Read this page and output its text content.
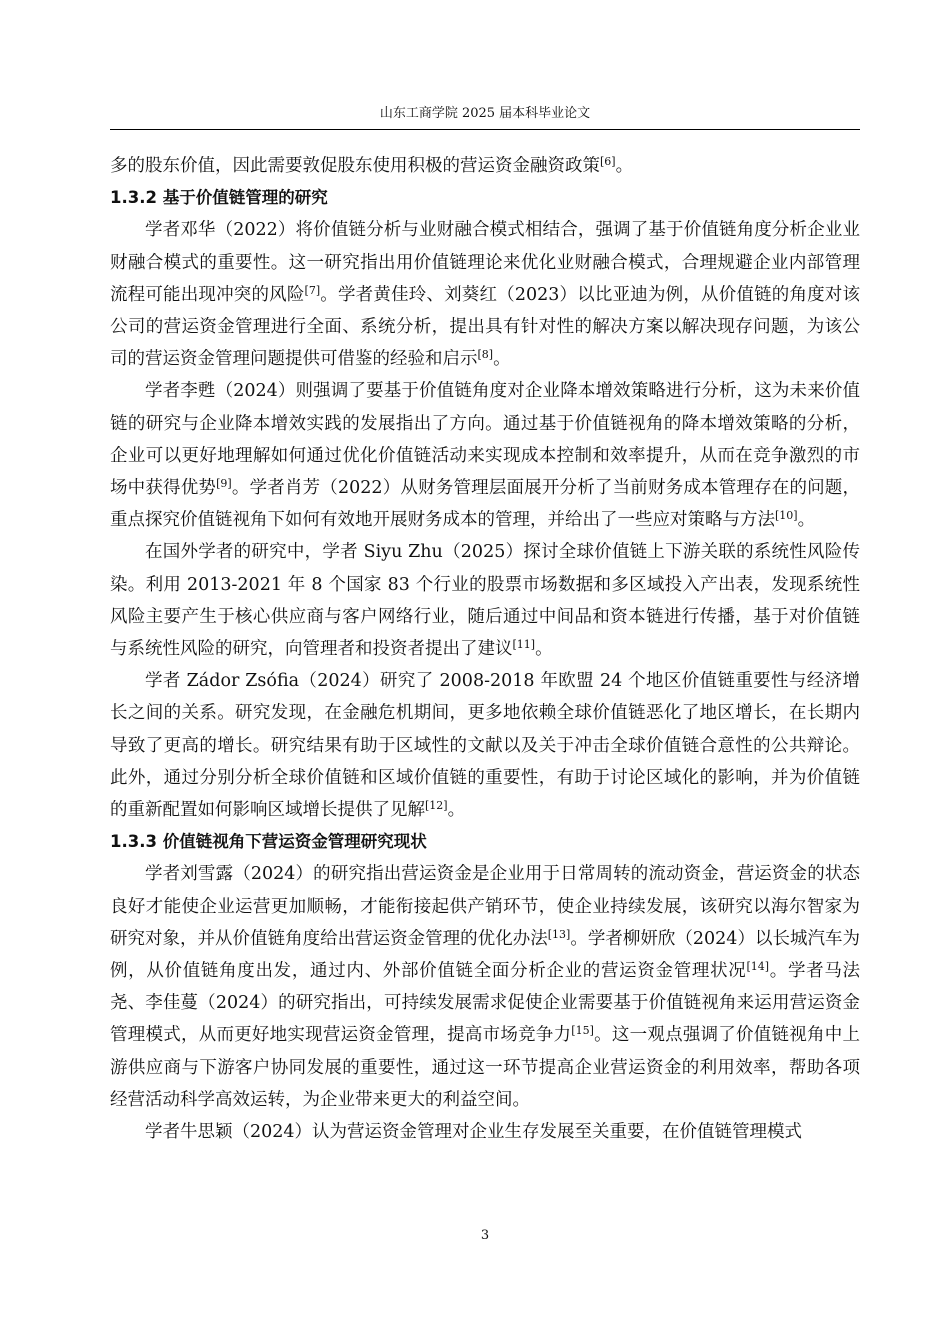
山东工商学院 2025 届本科毕业论文

多的股东价值，因此需要敦促股东使用积极的营运资金融资政策[6]。

1.3.2 基于价值链管理的研究

学者邓华（2022）将价值链分析与业财融合模式相结合，强调了基于价值链角度分析企业业财融合模式的重要性。这一研究指出用价值链理论来优化业财融合模式，合理规避企业内部管理流程可能出现冲突的风险[7]。学者黄佳玲、刘葵红（2023）以比亚迪为例，从价值链的角度对该公司的营运资金管理进行全面、系统分析，提出具有针对性的解决方案以解决现存问题，为该公司的营运资金管理问题提供可借鉴的经验和启示[8]。

学者李甦（2024）则强调了要基于价值链角度对企业降本增效策略进行分析，这为未来价值链的研究与企业降本增效实践的发展指出了方向。通过基于价值链视角的降本增效策略的分析，企业可以更好地理解如何通过优化价值链活动来实现成本控制和效率提升，从而在竞争激烈的市场中获得优势[9]。学者肖芳（2022）从财务管理层面展开分析了当前财务成本管理存在的问题，重点探究价值链视角下如何有效地开展财务成本的管理，并给出了一些应对策略与方法[10]。

在国外学者的研究中，学者 Siyu Zhu（2025）探讨全球价值链上下游关联的系统性风险传染。利用 2013-2021 年 8 个国家 83 个行业的股票市场数据和多区域投入产出表，发现系统性风险主要产生于核心供应商与客户网络行业，随后通过中间品和资本链进行传播，基于对价值链与系统性风险的研究，向管理者和投资者提出了建议[11]。

学者 Zádor Zsófia（2024）研究了 2008-2018 年欧盟 24 个地区价值链重要性与经济增长之间的关系。研究发现，在金融危机期间，更多地依赖全球价值链恶化了地区增长，在长期内导致了更高的增长。研究结果有助于区域性的文献以及关于冲击全球价值链合意性的公共辩论。此外，通过分别分析全球价值链和区域价值链的重要性，有助于讨论区域化的影响，并为价值链的重新配置如何影响区域增长提供了见解[12]。

1.3.3 价值链视角下营运资金管理研究现状

学者刘雪露（2024）的研究指出营运资金是企业用于日常周转的流动资金，营运资金的状态良好才能使企业运营更加顺畅，才能衔接起供产销环节，使企业持续发展，该研究以海尔智家为研究对象，并从价值链角度给出营运资金管理的优化办法[13]。学者柳妍欣（2024）以长城汽车为例，从价值链角度出发，通过内、外部价值链全面分析企业的营运资金管理状况[14]。学者马法尧、李佳蔓（2024）的研究指出，可持续发展需求促使企业需要基于价值链视角来运用营运资金管理模式，从而更好地实现营运资金管理，提高市场竞争力[15]。这一观点强调了价值链视角中上游供应商与下游客户协同发展的重要性，通过这一环节提高企业营运资金的利用效率，帮助各项经营活动科学高效运转，为企业带来更大的利益空间。

学者牛思颖（2024）认为营运资金管理对企业生存发展至关重要，在价值链管理模式

3
